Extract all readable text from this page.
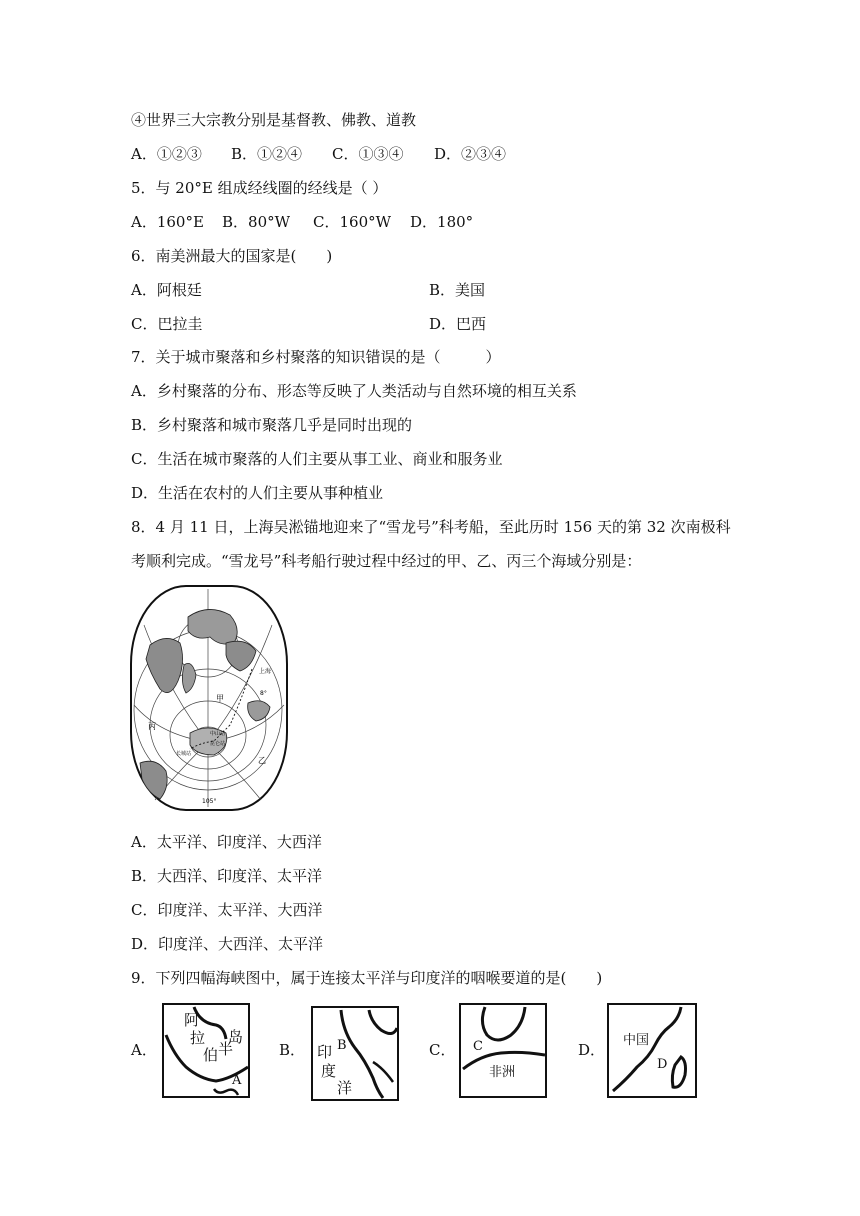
④世界三大宗教分别是基督教、佛教、道教
A．①②③ B．①②④ C．①③④ D．②③④
5．与 20°E 组成经线圈的经线是（ ）
A．160°E B．80°W C．160°W D．180°
6．南美洲最大的国家是(　　)
A．阿根廷	B．美国
C．巴拉圭	D．巴西
7．关于城市聚落和乡村聚落的知识错误的是（　　　）
A．乡村聚落的分布、形态等反映了人类活动与自然环境的相互关系
B．乡村聚落和城市聚落几乎是同时出现的
C．生活在城市聚落的人们主要从事工业、商业和服务业
D．生活在农村的人们主要从事种植业
8．4 月 11 日，上海吴淞锚地迎来了“雪龙号”科考船，至此历时 156 天的第 32 次南极科
考顺利完成。“雪龙号”科考船行驶过程中经过的甲、乙、丙三个海域分别是：
上海
8°
甲
丙
乙
中山站
昆仑站
长城站
105°
A．太平洋、印度洋、大西洋
B．大西洋、印度洋、太平洋
C．印度洋、太平洋、大西洋
D．印度洋、大西洋、太平洋
9．下列四幅海峡图中，属于连接太平洋与印度洋的咽喉要道的是(　　)
A．
阿
拉
伯 半
岛
A
B． B
印
度
洋
C． C
非洲
D．
中国
D
